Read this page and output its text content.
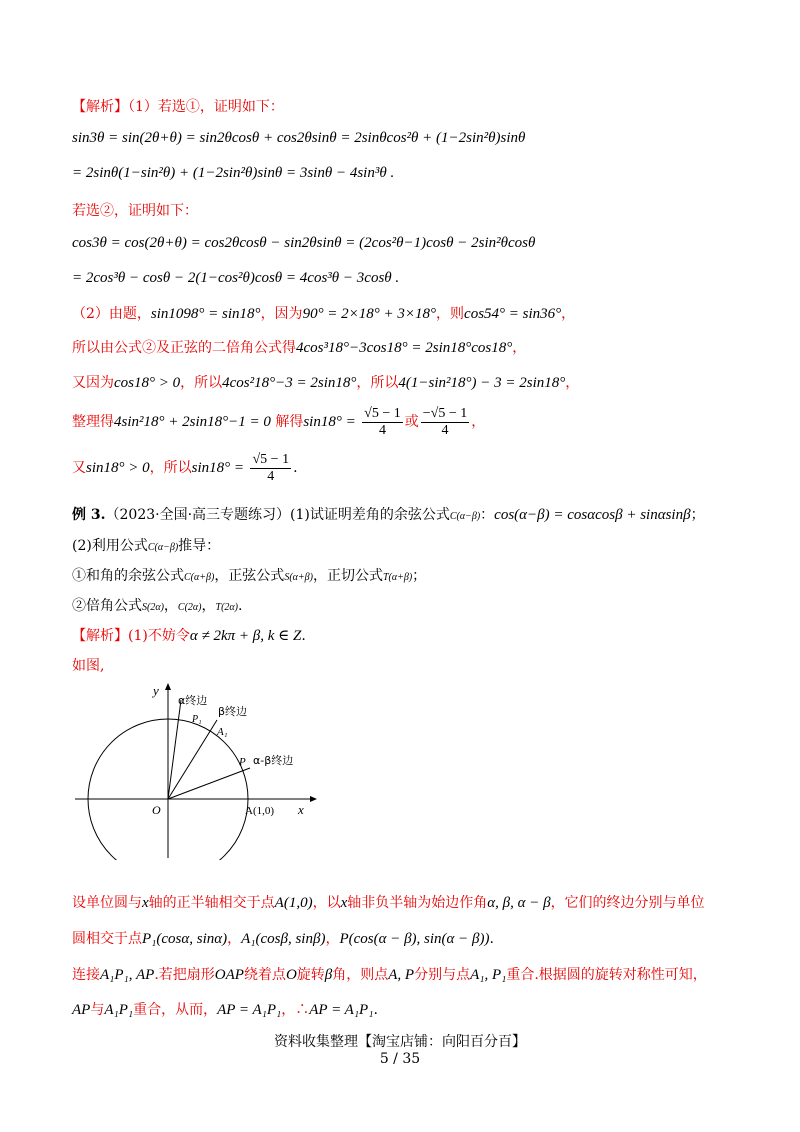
【解析】（1）若选①，证明如下：
sin3θ = sin(2θ+θ) = sin2θcosθ + cos2θsinθ = 2sinθcos²θ + (1−2sin²θ)sinθ
= 2sinθ(1−sin²θ) + (1−2sin²θ)sinθ = 3sinθ − 4sin³θ .
若选②，证明如下：
cos3θ = cos(2θ+θ) = cos2θcosθ − sin2θsinθ = (2cos²θ−1)cosθ − 2sin²θcosθ
= 2cos³θ − cosθ − 2(1−cos²θ)cosθ = 4cos³θ − 3cosθ .
（2）由题，sin1098° = sin18°，因为90° = 2×18° + 3×18°，则cos54° = sin36°，
所以由公式②及正弦的二倍角公式得4cos³18°−3cos18° = 2sin18°cos18°，
又因为cos18° > 0，所以4cos²18°−3 = 2sin18°，所以4(1−sin²18°) − 3 = 2sin18°，
整理得4sin²18° + 2sin18°−1 = 0 解得$\sin 18^\circ = \frac{√5 - 1}{4}$ 或 $\frac{-√5 - 1}{4}$ ，
又sin18° > 0，所以$\sin 18^\circ = \frac{√5 - 1}{4}$ .
例 3.（2023·全国·高三专题练习）(1)试证明差角的余弦公式C(α−β)：cos(α−β) = cosαcosβ + sinαsinβ；
(2)利用公式C(α−β)推导：
①和角的余弦公式C(α+β)，正弦公式S(α+β)，正切公式T(α+β)；
②倍角公式S(2α)，C(2α)，T(2α).
【解析】(1)不妨令α ≠ 2kπ + β, k ∈ Z.
如图,
y
x
O	A(1,0)
P
A₁
P₁
α终边
β终边
α-β终边
设单位圆与x轴的正半轴相交于点A(1,0)，以x轴非负半轴为始边作角α, β, α − β，它们的终边分别与单位
圆相交于点P₁(cosα, sinα)，A₁(cosβ, sinβ)，P(cos(α − β), sin(α − β)).
连接A₁P₁, AP.若把扇形OAP绕着点O旋转β角，则点A, P分别与点A₁, P₁重合.根据圆的旋转对称性可知，
AP与A₁P₁重合，从而，AP = A₁P₁，∴AP = A₁P₁.
资料收集整理【淘宝店铺：向阳百分百】
5 / 35
